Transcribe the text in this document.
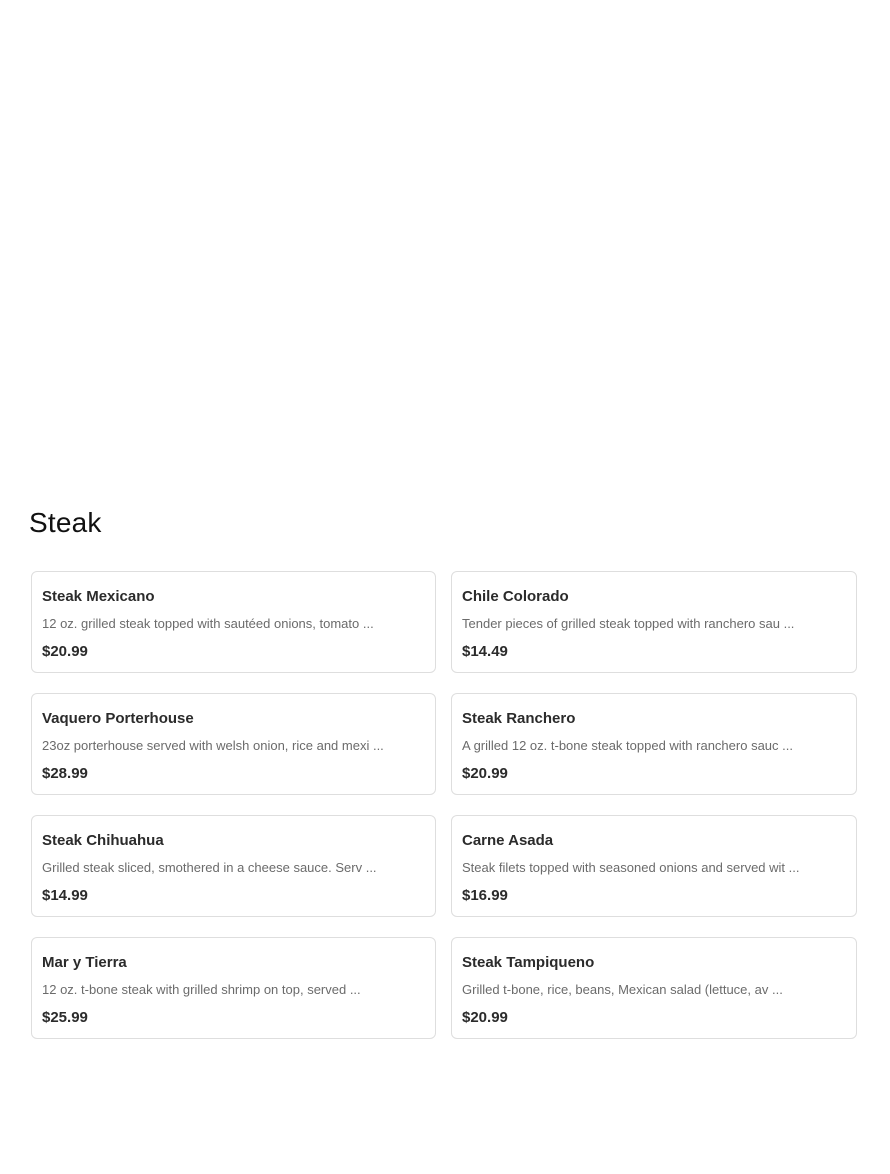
Steak
Steak Mexicano
12 oz. grilled steak topped with sautéed onions, tomato ...
$20.99
Chile Colorado
Tender pieces of grilled steak topped with ranchero sau ...
$14.49
Vaquero Porterhouse
23oz porterhouse served with welsh onion, rice and mexi ...
$28.99
Steak Ranchero
A grilled 12 oz. t-bone steak topped with ranchero sauc ...
$20.99
Steak Chihuahua
Grilled steak sliced, smothered in a cheese sauce. Serv ...
$14.99
Carne Asada
Steak filets topped with seasoned onions and served wit ...
$16.99
Mar y Tierra
12 oz. t-bone steak with grilled shrimp on top, served ...
$25.99
Steak Tampiqueno
Grilled t-bone, rice, beans, Mexican salad (lettuce, av ...
$20.99
